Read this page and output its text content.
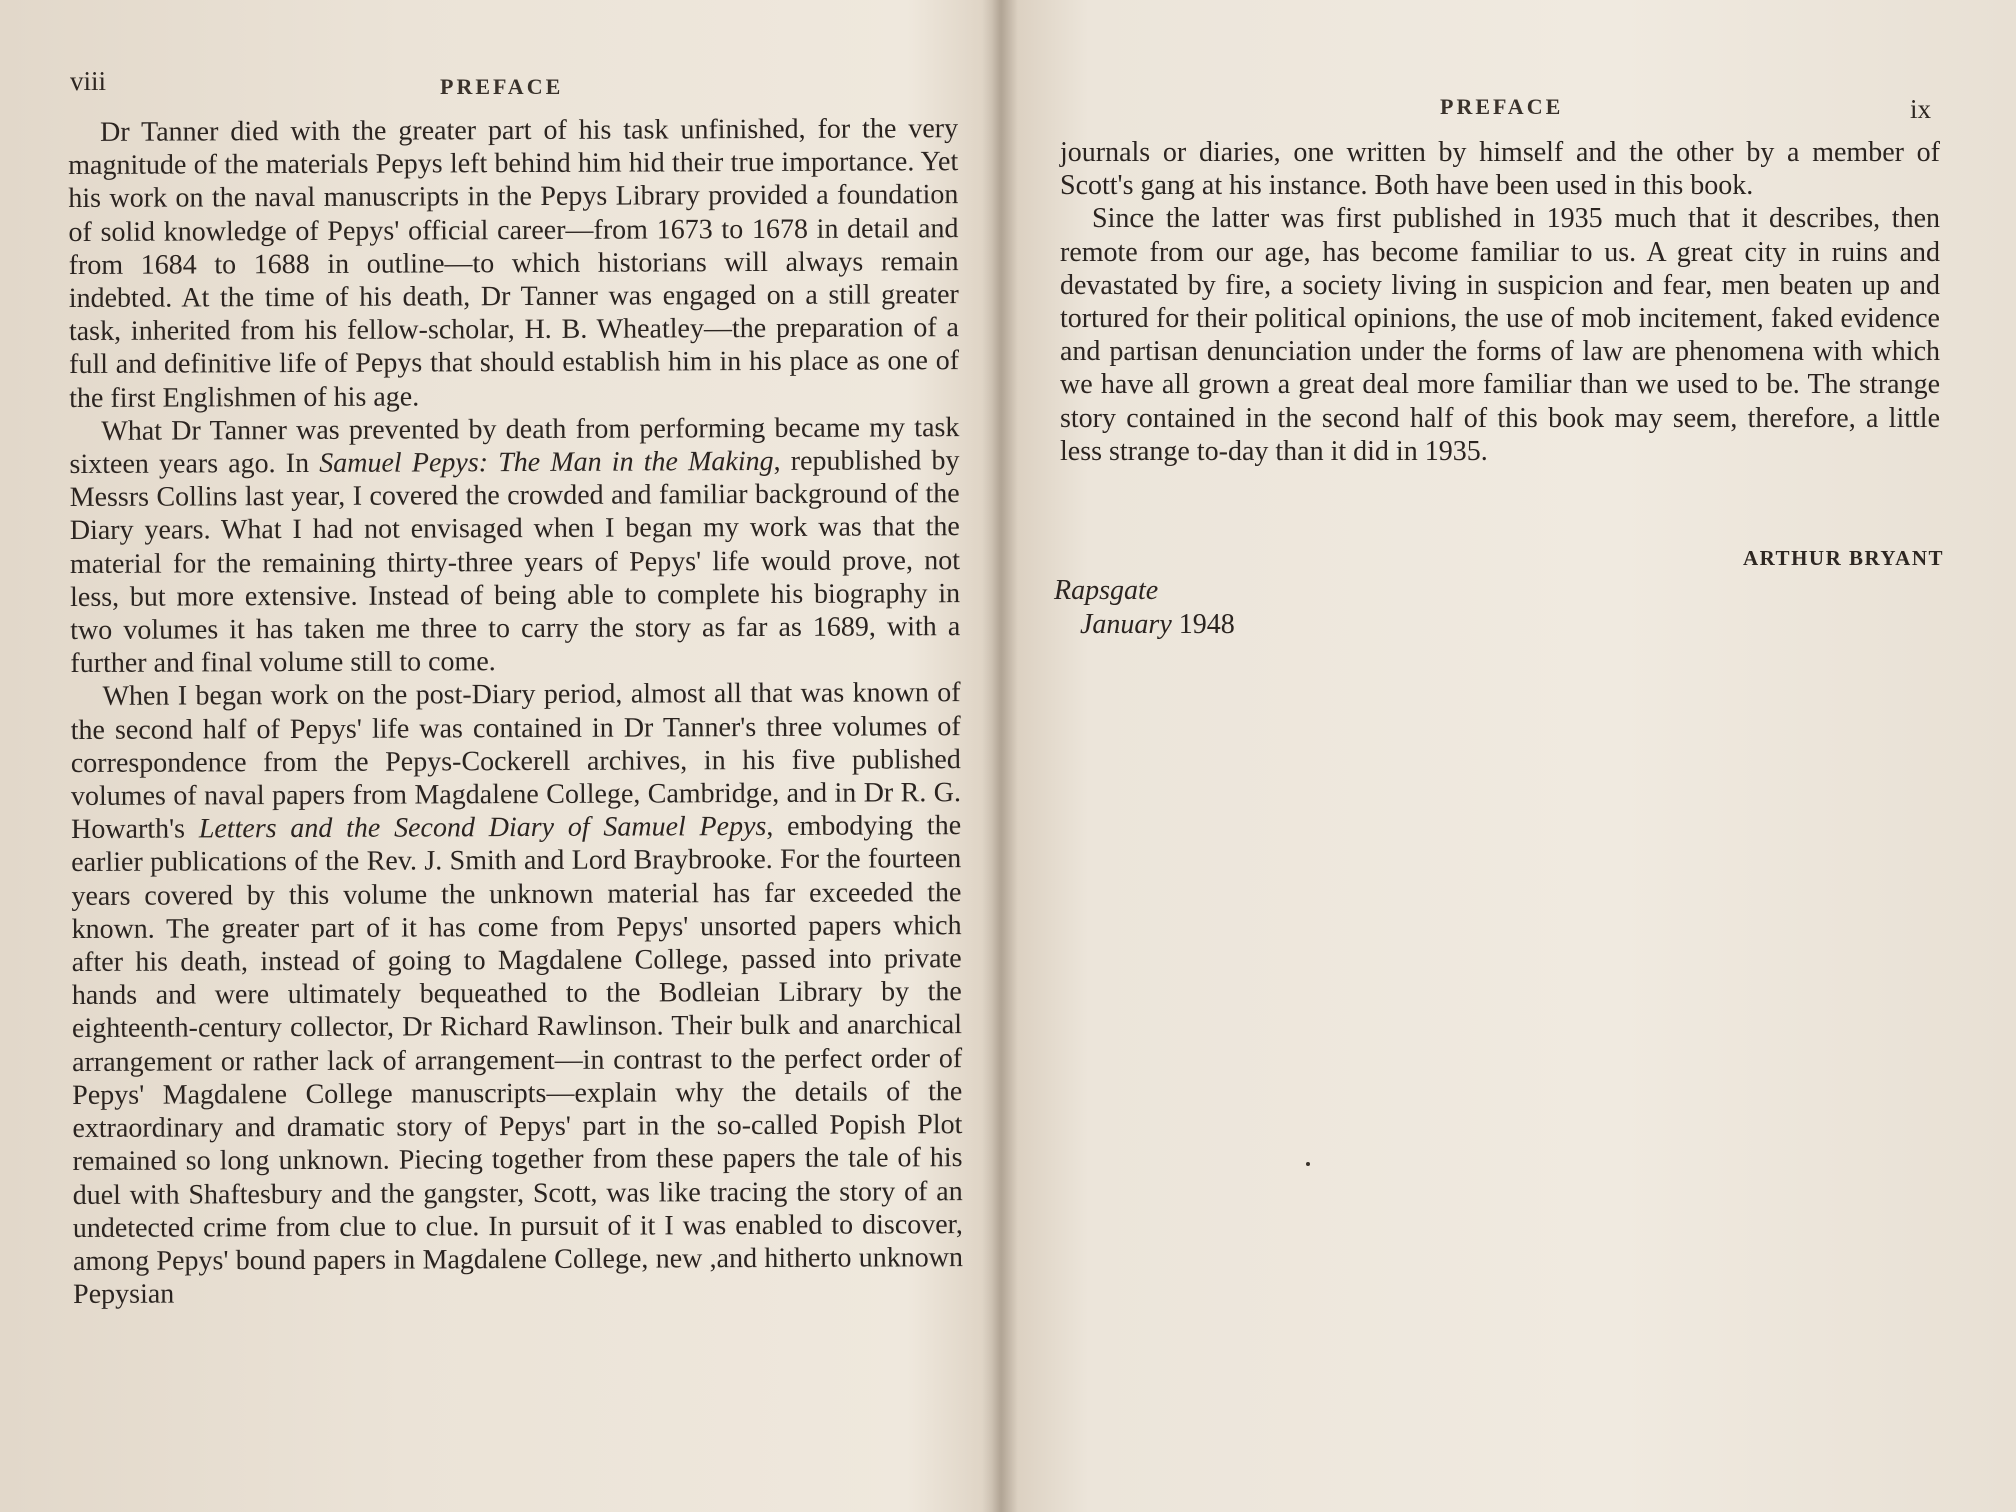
viii	PREFACE

Dr Tanner died with the greater part of his task unfinished, for the very magnitude of the materials Pepys left behind him hid their true importance. Yet his work on the naval manuscripts in the Pepys Library provided a foundation of solid knowledge of Pepys' official career—from 1673 to 1678 in detail and from 1684 to 1688 in outline—to which historians will always remain indebted. At the time of his death, Dr Tanner was engaged on a still greater task, inherited from his fellow-scholar, H. B. Wheatley—the preparation of a full and definitive life of Pepys that should establish him in his place as one of the first Englishmen of his age.

What Dr Tanner was prevented by death from performing became my task sixteen years ago. In Samuel Pepys: The Man in the Making, republished by Messrs Collins last year, I covered the crowded and familiar background of the Diary years. What I had not envisaged when I began my work was that the material for the remaining thirty-three years of Pepys' life would prove, not less, but more extensive. Instead of being able to complete his biography in two volumes it has taken me three to carry the story as far as 1689, with a further and final volume still to come.

When I began work on the post-Diary period, almost all that was known of the second half of Pepys' life was contained in Dr Tanner's three volumes of correspondence from the Pepys-Cockerell archives, in his five published volumes of naval papers from Magdalene College, Cambridge, and in Dr R. G. Howarth's Letters and the Second Diary of Samuel Pepys, embodying the earlier publications of the Rev. J. Smith and Lord Braybrooke. For the fourteen years covered by this volume the unknown material has far exceeded the known. The greater part of it has come from Pepys' unsorted papers which after his death, instead of going to Magdalene College, passed into private hands and were ultimately bequeathed to the Bodleian Library by the eighteenth-century collector, Dr Richard Rawlinson. Their bulk and anarchical arrangement or rather lack of arrangement—in contrast to the perfect order of Pepys' Magdalene College manuscripts—explain why the details of the extraordinary and dramatic story of Pepys' part in the so-called Popish Plot remained so long unknown. Piecing together from these papers the tale of his duel with Shaftesbury and the gangster, Scott, was like tracing the story of an undetected crime from clue to clue. In pursuit of it I was enabled to discover, among Pepys' bound papers in Magdalene College, new ,and hitherto unknown Pepysian

PREFACE	ix

journals or diaries, one written by himself and the other by a member of Scott's gang at his instance. Both have been used in this book.

Since the latter was first published in 1935 much that it describes, then remote from our age, has become familiar to us. A great city in ruins and devastated by fire, a society living in suspicion and fear, men beaten up and tortured for their political opinions, the use of mob incitement, faked evidence and partisan denunciation under the forms of law are phenomena with which we have all grown a great deal more familiar than we used to be. The strange story contained in the second half of this book may seem, therefore, a little less strange to-day than it did in 1935.

ARTHUR BRYANT
Rapsgate
January 1948
